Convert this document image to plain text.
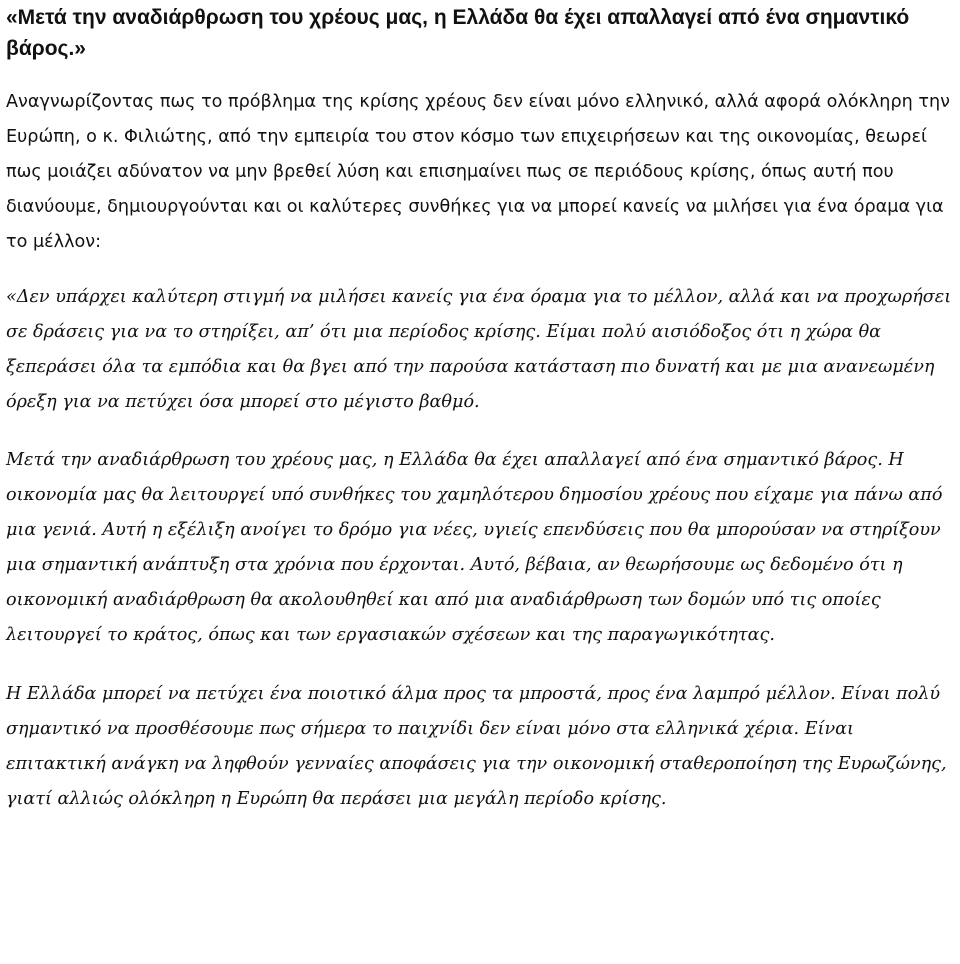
«Μετά την αναδιάρθρωση του χρέους μας, η Ελλάδα θα έχει απαλλαγεί από ένα σημαντικό βάρος.»

Αναγνωρίζοντας πως το πρόβλημα της κρίσης χρέους δεν είναι μόνο ελληνικό, αλλά αφορά ολόκληρη την Ευρώπη, ο κ. Φιλιώτης, από την εμπειρία του στον κόσμο των επιχειρήσεων και της οικονομίας, θεωρεί πως μοιάζει αδύνατον να μην βρεθεί λύση και επισημαίνει πως σε περιόδους κρίσης, όπως αυτή που διανύουμε, δημιουργούνται και οι καλύτερες συνθήκες για να μπορεί κανείς να μιλήσει για ένα όραμα για το μέλλον:

«Δεν υπάρχει καλύτερη στιγμή να μιλήσει κανείς για ένα όραμα για το μέλλον, αλλά και να προχωρήσει σε δράσεις για να το στηρίξει, απ’ ότι μια περίοδος κρίσης. Είμαι πολύ αισιόδοξος ότι η χώρα θα ξεπεράσει όλα τα εμπόδια και θα βγει από την παρούσα κατάσταση πιο δυνατή και με μια ανανεωμένη όρεξη για να πετύχει όσα μπορεί στο μέγιστο βαθμό.

Μετά την αναδιάρθρωση του χρέους μας, η Ελλάδα θα έχει απαλλαγεί από ένα σημαντικό βάρος. Η οικονομία μας θα λειτουργεί υπό συνθήκες του χαμηλότερου δημοσίου χρέους που είχαμε για πάνω από μια γενιά. Αυτή η εξέλιξη ανοίγει το δρόμο για νέες, υγιείς επενδύσεις που θα μπορούσαν να στηρίξουν μια σημαντική ανάπτυξη στα χρόνια που έρχονται. Αυτό, βέβαια, αν θεωρήσουμε ως δεδομένο ότι η οικονομική αναδιάρθρωση θα ακολουθηθεί και από μια αναδιάρθρωση των δομών υπό τις οποίες λειτουργεί το κράτος, όπως και των εργασιακών σχέσεων και της παραγωγικότητας.

Η Ελλάδα μπορεί να πετύχει ένα ποιοτικό άλμα προς τα μπροστά, προς ένα λαμπρό μέλλον. Είναι πολύ σημαντικό να προσθέσουμε πως σήμερα το παιχνίδι δεν είναι μόνο στα ελληνικά χέρια. Είναι επιτακτική ανάγκη να ληφθούν γενναίες αποφάσεις για την οικονομική σταθεροποίηση της Ευρωζώνης, γιατί αλλιώς ολόκληρη η Ευρώπη θα περάσει μια μεγάλη περίοδο κρίσης.
